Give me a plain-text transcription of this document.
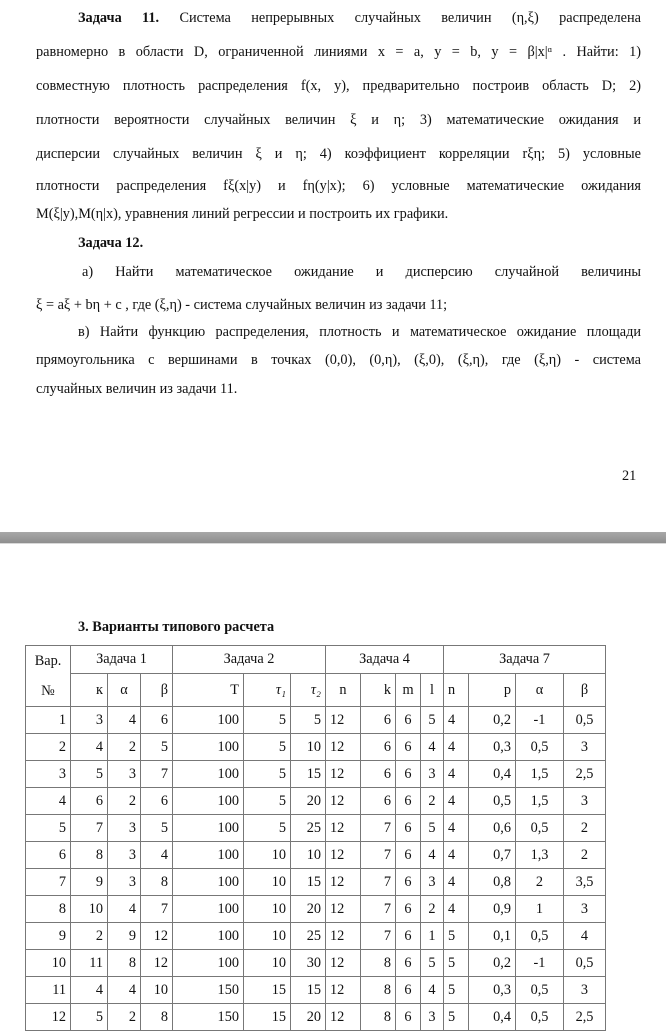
Задача 11. Система непрерывных случайных величин (η,ξ) распределена
равномерно в области D, ограниченной линиями x = a, y = b, y = β|x|ᵅ . Найти: 1)
совместную плотность распределения f(x, y), предварительно построив область D; 2)
плотности вероятности случайных величин ξ и η; 3) математические ожидания и
дисперсии случайных величин ξ и η; 4) коэффициент корреляции rξη; 5) условные
плотности распределения fξ(x|y) и fη(y|x); 6) условные математические ожидания
M(ξ|y),M(η|x), уравнения линий регрессии и построить их графики.
Задача 12.
а) Найти математическое ожидание и дисперсию случайной величины
ξ = aξ + bη + c , где (ξ,η) - система случайных величин из задачи 11;
в) Найти функцию распределения, плотность и математическое ожидание площади
прямоугольника с вершинами в точках (0,0), (0,η), (ξ,0), (ξ,η), где (ξ,η) - система
случайных величин из задачи 11.
21
3. Варианты типового расчета
Вар.
№	Задача 1			Задача 2			Задача 4				Задача 7			
	к	α	β	T	τ₁	τ₂	n	k	m	l	n	p	α	β
1	3	4	6	100	5	5	12	6	6	5	4	0,2	-1	0,5
2	4	2	5	100	5	10	12	6	6	4	4	0,3	0,5	3
3	5	3	7	100	5	15	12	6	6	3	4	0,4	1,5	2,5
4	6	2	6	100	5	20	12	6	6	2	4	0,5	1,5	3
5	7	3	5	100	5	25	12	7	6	5	4	0,6	0,5	2
6	8	3	4	100	10	10	12	7	6	4	4	0,7	1,3	2
7	9	3	8	100	10	15	12	7	6	3	4	0,8	2	3,5
8	10	4	7	100	10	20	12	7	6	2	4	0,9	1	3
9	2	9	12	100	10	25	12	7	6	1	5	0,1	0,5	4
10	11	8	12	100	10	30	12	8	6	5	5	0,2	-1	0,5
11	4	4	10	150	15	15	12	8	6	4	5	0,3	0,5	3
12	5	2	8	150	15	20	12	8	6	3	5	0,4	0,5	2,5
